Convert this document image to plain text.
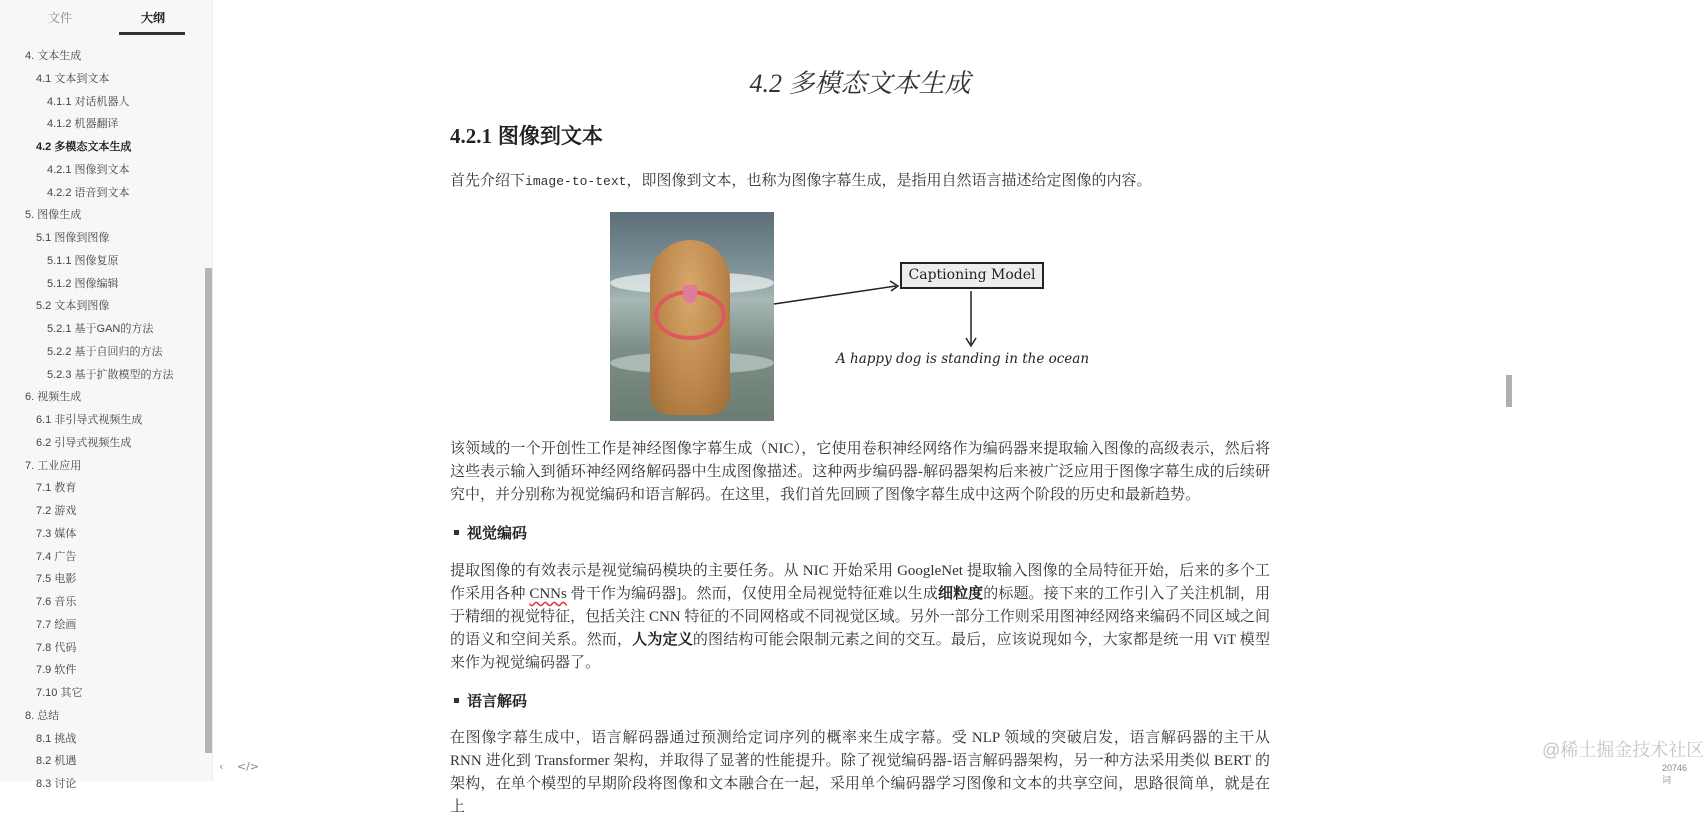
文件	大纲
4. 文本生成
4.1 文本到文本
4.1.1 对话机器人
4.1.2 机器翻译
4.2 多模态文本生成
4.2.1 图像到文本
4.2.2 语音到文本
5. 图像生成
5.1 图像到图像
5.1.1 图像复原
5.1.2 图像编辑
5.2 文本到图像
5.2.1 基于GAN的方法
5.2.2 基于自回归的方法
5.2.3 基于扩散模型的方法
6. 视频生成
6.1 非引导式视频生成
6.2 引导式视频生成
7. 工业应用
7.1 教育
7.2 游戏
7.3 媒体
7.4 广告
7.5 电影
7.6 音乐
7.7 绘画
7.8 代码
7.9 软件
7.10 其它
8. 总结
8.1 挑战
8.2 机遇
8.3 讨论
4.2 多模态文本生成
4.2.1 图像到文本
首先介绍下image-to-text，即图像到文本，也称为图像字幕生成，是指用自然语言描述给定图像的内容。
Captioning Model
A happy dog is standing in the ocean
该领域的一个开创性工作是神经图像字幕生成（NIC），它使用卷积神经网络作为编码器来提取输入图像的高级表示，然后将这些表示输入到循环神经网络解码器中生成图像描述。这种两步编码器-解码器架构后来被广泛应用于图像字幕生成的后续研究中，并分别称为视觉编码和语言解码。在这里，我们首先回顾了图像字幕生成中这两个阶段的历史和最新趋势。
视觉编码
提取图像的有效表示是视觉编码模块的主要任务。从 NIC 开始采用 GoogleNet 提取输入图像的全局特征开始，后来的多个工作采用各种 CNNs 骨干作为编码器]。然而，仅使用全局视觉特征难以生成细粒度的标题。接下来的工作引入了关注机制，用于精细的视觉特征，包括关注 CNN 特征的不同网格或不同视觉区域。另外一部分工作则采用图神经网络来编码不同区域之间的语义和空间关系。然而，人为定义的图结构可能会限制元素之间的交互。最后，应该说现如今，大家都是统一用 ViT 模型来作为视觉编码器了。
语言解码
在图像字幕生成中，语言解码器通过预测给定词序列的概率来生成字幕。受 NLP 领域的突破启发，语言解码器的主干从 RNN 进化到 Transformer 架构，并取得了显著的性能提升。除了视觉编码器-语言解码器架构，另一种方法采用类似 BERT 的架构，在单个模型的早期阶段将图像和文本融合在一起，采用单个编码器学习图像和文本的共享空间，思路很简单，就是在上
@稀土掘金技术社区
20746 词
‹ </>
